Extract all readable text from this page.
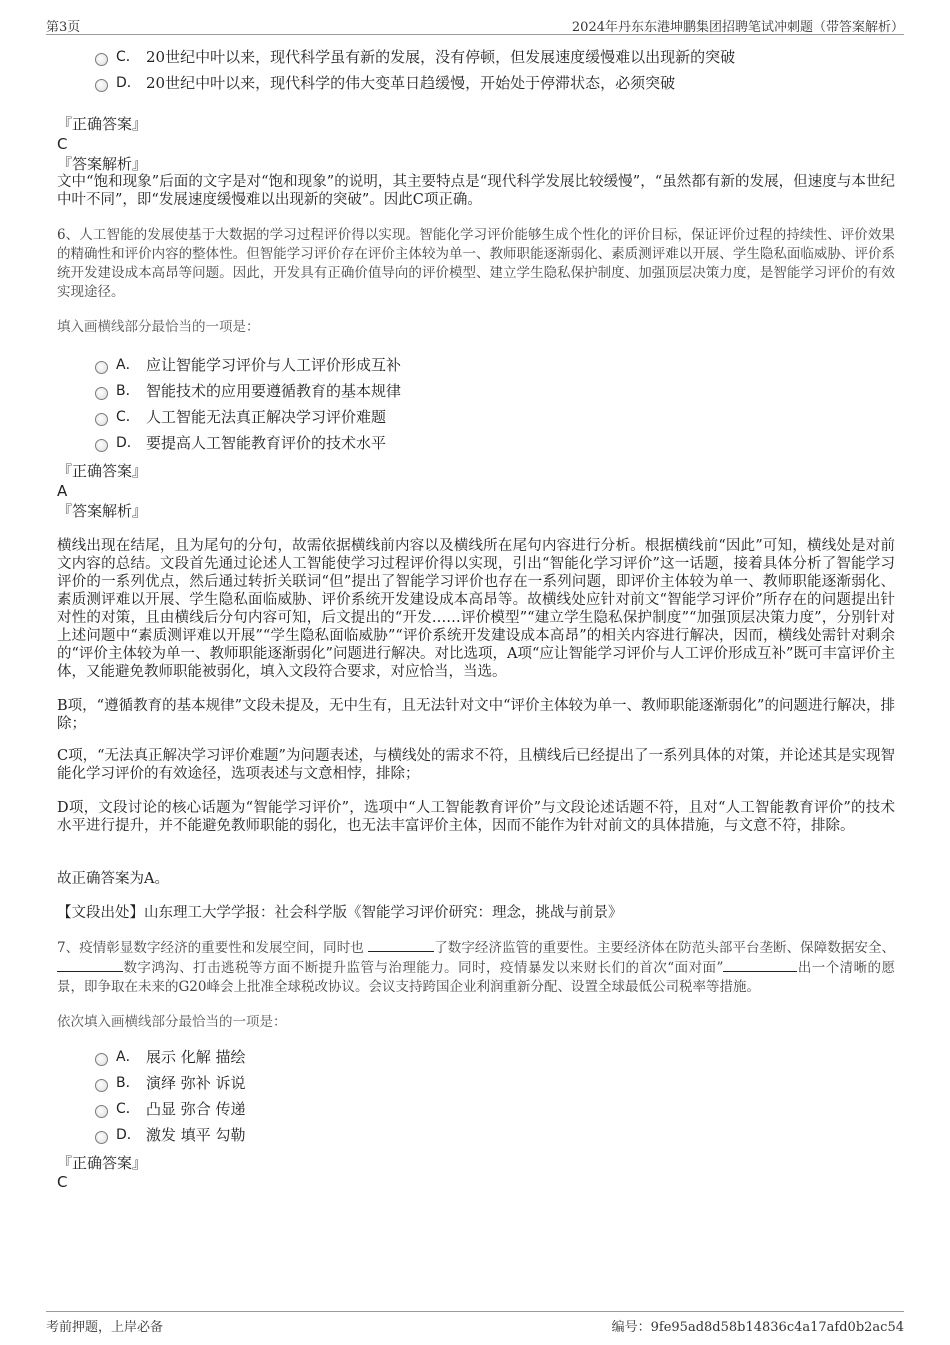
第3页	2024年丹东东港坤鹏集团招聘笔试冲刺题（带答案解析）
C． 20世纪中叶以来，现代科学虽有新的发展，没有停顿，但发展速度缓慢难以出现新的突破
D． 20世纪中叶以来，现代科学的伟大变革日趋缓慢，开始处于停滞状态，必须突破
『正确答案』
C
『答案解析』
文中“饱和现象”后面的文字是对“饱和现象”的说明，其主要特点是“现代科学发展比较缓慢”，“虽然都有新的发展，但速度与本世纪中叶不同”，即“发展速度缓慢难以出现新的突破”。因此C项正确。
6、人工智能的发展使基于大数据的学习过程评价得以实现。智能化学习评价能够生成个性化的评价目标，保证评价过程的持续性、评价效果的精确性和评价内容的整体性。但智能学习评价存在评价主体较为单一、教师职能逐渐弱化、素质测评难以开展、学生隐私面临威胁、评价系统开发建设成本高昂等问题。因此，开发具有正确价值导向的评价模型、建立学生隐私保护制度、加强顶层决策力度，是智能学习评价的有效实现途径。
填入画横线部分最恰当的一项是：
A． 应让智能学习评价与人工评价形成互补
B． 智能技术的应用要遵循教育的基本规律
C． 人工智能无法真正解决学习评价难题
D． 要提高人工智能教育评价的技术水平
『正确答案』
A
『答案解析』
横线出现在结尾，且为尾句的分句，故需依据横线前内容以及横线所在尾句内容进行分析。根据横线前“因此”可知，横线处是对前文内容的总结。文段首先通过论述人工智能使学习过程评价得以实现，引出“智能化学习评价”这一话题，接着具体分析了智能学习评价的一系列优点，然后通过转折关联词“但”提出了智能学习评价也存在一系列问题，即评价主体较为单一、教师职能逐渐弱化、素质测评难以开展、学生隐私面临威胁、评价系统开发建设成本高昂等。故横线处应针对前文“智能学习评价”所存在的问题提出针对性的对策，且由横线后分句内容可知，后文提出的“开发……评价模型”“建立学生隐私保护制度”“加强顶层决策力度”，分别针对上述问题中“素质测评难以开展”“学生隐私面临威胁”“评价系统开发建设成本高昂”的相关内容进行解决，因而，横线处需针对剩余的“评价主体较为单一、教师职能逐渐弱化”问题进行解决。对比选项，A项“应让智能学习评价与人工评价形成互补”既可丰富评价主体，又能避免教师职能被弱化，填入文段符合要求，对应恰当，当选。
B项，“遵循教育的基本规律”文段未提及，无中生有，且无法针对文中“评价主体较为单一、教师职能逐渐弱化”的问题进行解决，排除；
C项，“无法真正解决学习评价难题”为问题表述，与横线处的需求不符，且横线后已经提出了一系列具体的对策，并论述其是实现智能化学习评价的有效途径，选项表述与文意相悖，排除；
D项，文段讨论的核心话题为“智能学习评价”，选项中“人工智能教育评价”与文段论述话题不符，且对“人工智能教育评价”的技术水平进行提升，并不能避免教师职能的弱化，也无法丰富评价主体，因而不能作为针对前文的具体措施，与文意不符，排除。
故正确答案为A。
【文段出处】山东理工大学学报：社会科学版《智能学习评价研究：理念，挑战与前景》
7、疫情彰显数字经济的重要性和发展空间，同时也	了数字经济监管的重要性。主要经济体在防范头部平台垄断、保障数据安全、数字鸿沟、打击逃税等方面不断提升监管与治理能力。同时，疫情暴发以来财长们的首次“面对面”	出一个清晰的愿景，即争取在未来的G20峰会上批准全球税改协议。会议支持跨国企业利润重新分配、设置全球最低公司税率等措施。
依次填入画横线部分最恰当的一项是：
A． 展示 化解 描绘
B． 演绎 弥补 诉说
C． 凸显 弥合 传递
D． 激发 填平 勾勒
『正确答案』
C
考前押题，上岸必备	编号：9fe95ad8d58b14836c4a17afd0b2ac54
